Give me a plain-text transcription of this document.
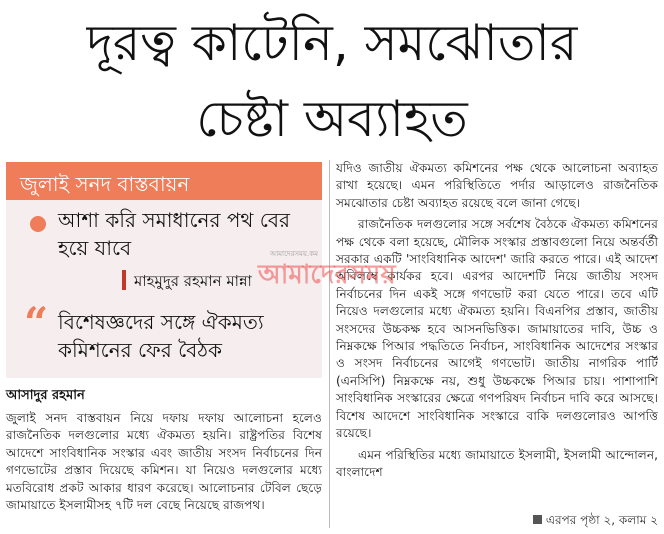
দূরত্ব কাটেনি, সমঝোতার
চেষ্টা অব্যাহত
জুলাই সনদ বাস্তবায়ন
আশা করি সমাধানের পথ বের হয়ে যাবে
মাহমুদুর রহমান মান্না
“ বিশেষজ্ঞদের সঙ্গে ঐকমত্য কমিশনের ফের বৈঠক
আসাদুর রহমান

জুলাই সনদ বাস্তবায়ন নিয়ে দফায় দফায় আলোচনা হলেও রাজনৈতিক দলগুলোর মধ্যে ঐকমত্য হয়নি। রাষ্ট্রপতির বিশেষ আদেশে সাংবিধানিক সংস্কার এবং জাতীয় সংসদ নির্বাচনের দিন গণভোটের প্রস্তাব দিয়েছে কমিশন। যা নিয়েও দলগুলোর মধ্যে মতবিরোধ প্রকট আকার ধারণ করেছে। আলোচনার টেবিল ছেড়ে জামায়াতে ইসলামীসহ ৭টি দল বেছে নিয়েছে রাজপথ।

যদিও জাতীয় ঐকমত্য কমিশনের পক্ষ থেকে আলোচনা অব্যাহত রাখা হয়েছে। এমন পরিস্থিতিতে পর্দার আড়ালেও রাজনৈতিক সমঝোতার চেষ্টা অব্যাহত রয়েছে বলে জানা গেছে।

রাজনৈতিক দলগুলোর সঙ্গে সর্বশেষ বৈঠকে ঐকমত্য কমিশনের পক্ষ থেকে বলা হয়েছে, মৌলিক সংস্কার প্রস্তাবগুলো নিয়ে অন্তর্বর্তী সরকার একটি 'সাংবিধানিক আদেশ' জারি করতে পারে। এই আদেশ অবিলম্বে কার্যকর হবে। এরপর আদেশটি নিয়ে জাতীয় সংসদ নির্বাচনের দিন একই সঙ্গে গণভোট করা যেতে পারে। তবে এটি নিয়েও দলগুলোর মধ্যে ঐকমত্য হয়নি। বিএনপির প্রস্তাব, জাতীয় সংসদের উচ্চকক্ষ হবে আসনভিত্তিক। জামায়াতের দাবি, উচ্চ ও নিম্নকক্ষে পিআর পদ্ধতিতে নির্বাচন, সাংবিধানিক আদেশের সংস্কার ও সংসদ নির্বাচনের আগেই গণভোট। জাতীয় নাগরিক পার্টি (এনসিপি) নিম্নকক্ষে নয়, শুধু উচ্চকক্ষে পিআর চায়। পাশাপাশি সাংবিধানিক সংস্কারের ক্ষেত্রে গণপরিষদ নির্বাচন দাবি করে আসছে। বিশেষ আদেশে সাংবিধানিক সংস্কারে বাকি দলগুলোরও আপত্তি রয়েছে।

এমন পরিস্থিতির মধ্যে জামায়াতে ইসলামী, ইসলামী আন্দোলন, বাংলাদেশ

এরপর পৃষ্ঠা ২, কলাম ২
আমাদেরসময়.কম
আমাদেরসময়
